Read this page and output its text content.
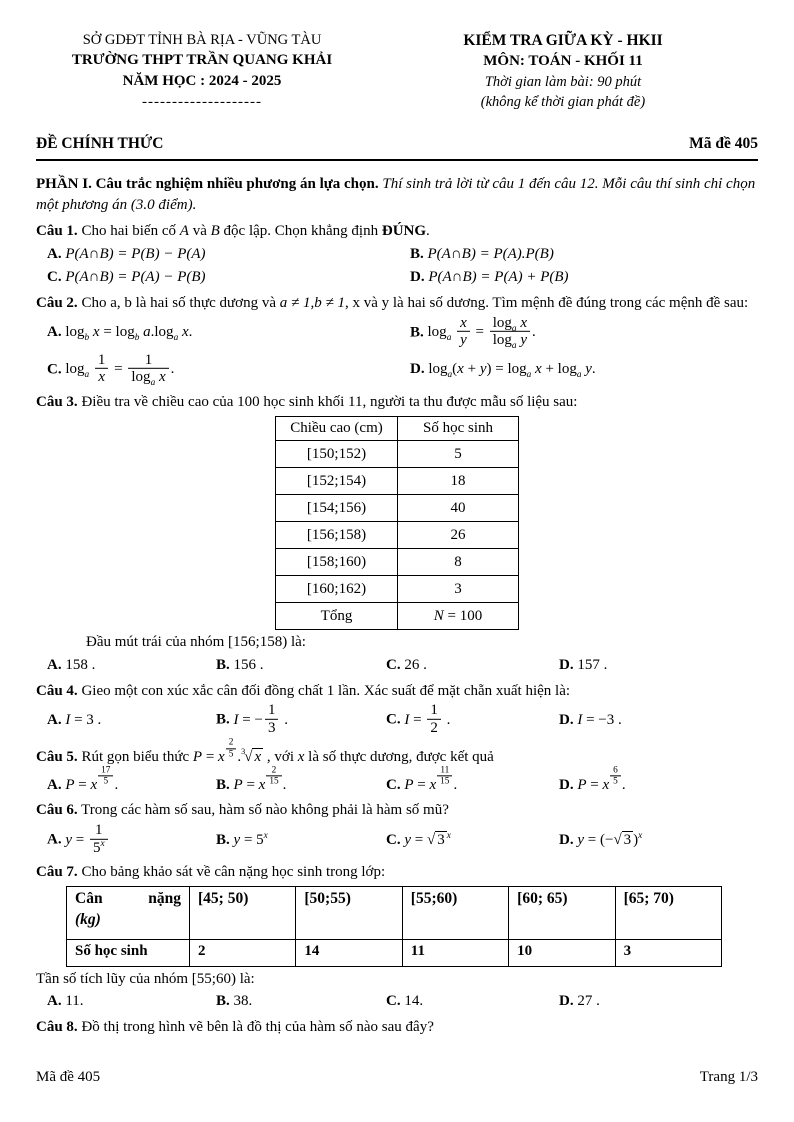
SỞ GDĐT TỈNH BÀ RỊA - VŨNG TÀU
TRƯỜNG THPT TRẦN QUANG KHẢI
NĂM HỌC : 2024 - 2025
--------------------
KIỂM TRA GIỮA KỲ - HKII
MÔN: TOÁN - KHỐI 11
Thời gian làm bài: 90 phút
(không kể thời gian phát đề)
ĐỀ CHÍNH THỨC	Mã đề 405

PHẦN I. Câu trắc nghiệm nhiều phương án lựa chọn. Thí sinh trả lời từ câu 1 đến câu 12. Mỗi câu thí sinh chỉ chọn một phương án (3.0 điểm).

Câu 1. Cho hai biến cố A và B độc lập. Chọn khẳng định ĐÚNG.

A. P(A∩B) = P(B) − P(A)	B. P(A∩B) = P(A).P(B)
C. P(A∩B) = P(A) − P(B)	D. P(A∩B) = P(A) + P(B)

Câu 2. Cho a, b là hai số thực dương và a ≠ 1,b ≠ 1, x và y là hai số dương. Tìm mệnh đề đúng trong các mệnh đề sau:

A. $\log_b x = \log_b a.\log_a$ x.	B. $\log_a \frac{x}{y} = \frac{\log_a x}{\log_a y}$ .
C. $\log_a \frac{1}{x} = \frac{1}{\log_a x}$ .	D. $\log_a(x + y) = \log_a x + \log_a y$.

Câu 3. Điều tra về chiều cao của 100 học sinh khối 11, người ta thu được mẫu số liệu sau:

Chiều cao (cm)	Số học sinh
[150;152)	5
[152;154)	18
[154;156)	40
[156;158)	26
[158;160)	8
[160;162)	3
Tổng	N = 100

Đầu mút trái của nhóm [156;158) là:

A. 158 .	B. 156 .	C. 26 .	D. 157 .

Câu 4. Gieo một con xúc xắc cân đối đồng chất 1 lần. Xác suất để mặt chẵn xuất hiện là:

A. I = 3 .	B. I = − $\frac{1}{3}$ .	C. $I = \frac{1}{2}$ .	D. I = −3 .

Câu 5. Rút gọn biểu thức P = x $^{\frac{2}{5}}$ .$^3$√ x , với x là số thực dương, được kết quả

A. P = x $^{\frac{17}{5}}$ .	B. P = x $^{\frac{2}{15}}$ .	C. P = x $^{\frac{11}{15}}$ .	D. P = x $^{\frac{6}{5}}$ .

Câu 6. Trong các hàm số sau, hàm số nào không phải là hàm số mũ?

A. $y = \frac{1}{5^x}$	B. $y = 5^x$	C. y = √ 3 $^x$	D. y = (−√ 3 )$^x$

Câu 7. Cho bảng khảo sát về cân nặng học sinh trong lớp:

Cân nặng
(kg)	[45; 50)	[50;55)	[55;60)	[60; 65)	[65; 70)
Số học sinh	2	14	11	10	3

Tần số tích lũy của nhóm [55;60) là:

A. 11.	B. 38.	C. 14.	D. 27 .

Câu 8. Đồ thị trong hình vẽ bên là đồ thị của hàm số nào sau đây?

Mã đề 405	Trang 1/3
